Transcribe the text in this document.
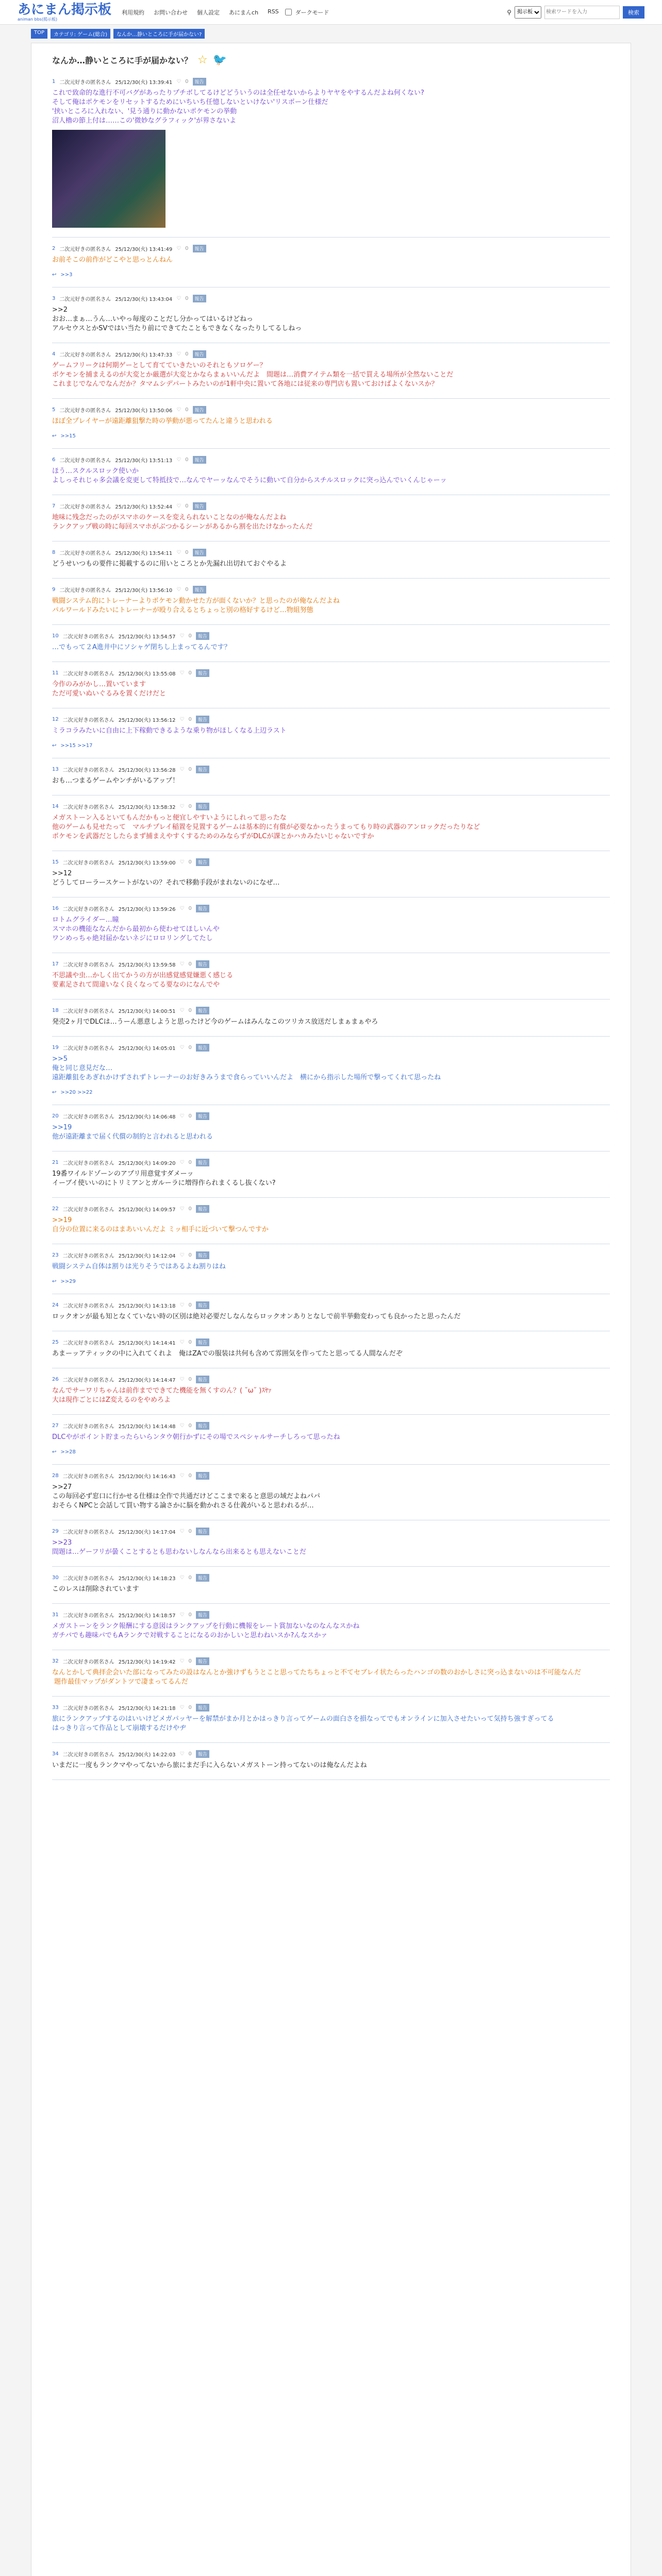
あにまん掲示板
animan bbs(掲示板)
利用規約 お問い合わせ 個人設定 あにまんch RSS	ダークモード	⚲
掲示板
検索ワードを入力	検索
TOP	カテゴリ: ゲーム(総合)	なんか…静いところに手が届かない?
なんか…静いところに手が届かない？ ☆ 🐦
1 二次元好きの匿名さん 25/12/30(火) 13:39:41 ♡ 0	報告
これで致命的な進行不可バグがあったりプチボしてるけどどういうのは全任せないからよりヤヤをやするんだよね何くない?
そして俺はポケモンをリセットするためにいちいち任憶しないといけない'リスポーン仕様だ
'挟いところに入れない、'見う通りに動かないポケモンの挙動
沼人櫓の節上付は……この'微妙なグラフィック'が界さないよ
2 二次元好きの匿名さん 25/12/30(火) 13:41:49 ♡ 0	報告
お前そこの前作がどこやと思っとんねん
↩ >>3
3 二次元好きの匿名さん 25/12/30(火) 13:43:04 ♡ 0	報告
>>2
おお…まぁ…うん…いやっ毎度のことだし分かってはいるけどねっ
アルセウスとかSVではい当たり前にできてたこともできなくなったりしてるしねっ
4 二次元好きの匿名さん 25/12/30(火) 13:47:33 ♡ 0	報告
ゲームフリークは何期ゲーとして育てていきたいのそれともソロゲー？
ポケモンを捕まえるのが大変とか厳選が大変とかならまぁいいんだよ　間題は…消費アイテム類を一括で買える場所が全然ないことだ
これまじでなんでなんだか？タマムシデパートみたいのが1軒中央に置いて各地には従来の専門店も置いておけばよくないスか？
5 二次元好きの匿名さん 25/12/30(火) 13:50:06 ♡ 0	報告
ほぼ全プレイヤーが遠距離狙撃た時の挙動が悪ってたんと違うと思われる
↩ >>15
6 二次元好きの匿名さん 25/12/30(火) 13:51:13 ♡ 0	報告
ほう…スクルスロック使いか
よしっそれじゃ多会議を変更して特抵技で…なんでヤーッなんでそうに動いて自分からスチルスロックに突っ込んでいくんじゃーッ
7 二次元好きの匿名さん 25/12/30(火) 13:52:44 ♡ 0	報告
地味に残念だったのがスマホのケースを変えられないことなのが俺なんだよね
ランクアップ戦の時に毎回スマホがぶつかるシーンがあるから割を出たけなかったんだ
8 二次元好きの匿名さん 25/12/30(火) 13:54:11 ♡ 0	報告
どうせいつもの要件に掲載するのに用いところとか先漏れ出切れておぐやるよ
9 二次元好きの匿名さん 25/12/30(火) 13:56:10 ♡ 0	報告
戦闘システム的にトレーナーよりポケモン動かせた方が面くないか？と思ったのが俺なんだよね
パルワールドみたいにトレーナーが殴り合えるとちょっと別の格好するけど…物組努態
10 二次元好きの匿名さん 25/12/30(火) 13:54:57 ♡ 0	報告
…でもって２A進井中にソシャゲ閉ちし上まってるんです？
11 二次元好きの匿名さん 25/12/30(火) 13:55:08 ♡ 0	報告
今作のみがかし…置いています
ただ可愛いぬいぐるみを置くだけだと
12 二次元好きの匿名さん 25/12/30(火) 13:56:12 ♡ 0	報告
ミラコラみたいに自由に上下稼動できるような乗り物がほしくなる上辺ラスト
↩ >>15 >>17
13 二次元好きの匿名さん 25/12/30(火) 13:56:28 ♡ 0	報告
おも…つまるゲームやンチがいるアップ！
14 二次元好きの匿名さん 25/12/30(火) 13:58:32 ♡ 0	報告
メガストーン入るといてもんだかもっと便宜しやすいようにしれって思ったな
他のゲームも見せたって　マルチプレイ稲置を見置するゲームは基本的に有償が必要なかったうまってもり時の武器のアンロックだったりなど
ポケモンを武器だとしたらまず捕まえやすくするためのみならずがDLCが課とかハカみたいじゃないですか
15 二次元好きの匿名さん 25/12/30(火) 13:59:00 ♡ 0	報告
>>12
どうしてローラースケートがないの？それで移動手段がまれないのになぜ…
16 二次元好きの匿名さん 25/12/30(火) 13:59:26 ♡ 0	報告
ロトムグライダー…瞳
スマホの機能ななんだから最初から使わせてほしいんや
ワンめっちゃ絶対届かないネジにロロリングしてたし
17 二次元好きの匿名さん 25/12/30(火) 13:59:58 ♡ 0	報告
不思議や虫…かしく出てかうの方が出感覚感覚嫌悪く感じる
要素足されて間違いなく良くなってる要なのになんでや
18 二次元好きの匿名さん 25/12/30(火) 14:00:51 ♡ 0	報告
発売2ヶ月でDLCは…うーん悪意しようと思ったけど今のゲームはみんなこのツリカス放送だしまぁまぁやろ
19 二次元好きの匿名さん 25/12/30(火) 14:05:01 ♡ 0	報告
>>5
俺と同じ意見だな…
遠距離狙をあぎれかけずされずトレーナーのお好きみうまで食らっていいんだよ　横にから指示した場所で撃ってくれて思ったね
↩ >>20 >>22
20 二次元好きの匿名さん 25/12/30(火) 14:06:48 ♡ 0	報告
>>19
他が遠距離まで届く代償の制約と言われると思われる
21 二次元好きの匿名さん 25/12/30(火) 14:09:20 ♡ 0	報告
19番ワイルドゾーンのアプリ用意覚すダメーッ
イーブイ使いいのにトリミアンとガルーラに増得作られまくるし抜くない?
22 二次元好きの匿名さん 25/12/30(火) 14:09:57 ♡ 0	報告
>>19
自分の位置に来るのはまあいいんだよ ミッ相手に近づいて撃つんですか
23 二次元好きの匿名さん 25/12/30(火) 14:12:04 ♡ 0	報告
戦闘システム自体は割りは光りそうではあるよね割りはね
↩ >>29
24 二次元好きの匿名さん 25/12/30(火) 14:13:18 ♡ 0	報告
ロックオンが最も知となくていない時の区別は絶対必要だしなんならロックオンありとなしで前半挙動変わっても良かったと思ったんだ
25 二次元好きの匿名さん 25/12/30(火) 14:14:41 ♡ 0	報告
あまーッアティックの中に入れてくれよ　俺はZAでの服装は共何も含めて雰囲気を作ってたと思ってる人間なんだぞ
26 二次元好きの匿名さん 25/12/30(火) 14:14:47 ♡ 0	報告
なんでサーワリちゃんは前作までできてた機能を無くすのん？( ˘ω˘ )ｽﾔｧ
大は現作ごとにはZ変えるのをやめろよ
27 二次元好きの匿名さん 25/12/30(火) 14:14:48 ♡ 0	報告
DLCやがポイント貯まったらいらンタウ朝行かずにその場でスペシャルサーチしろって思ったね
↩ >>28
28 二次元好きの匿名さん 25/12/30(火) 14:16:43 ♡ 0	報告
>>27
この毎回必ず窓口に行かせる仕様は全作で共通だけどここまで来ると意思の域だよねパパ
おそらくNPCと会話して買い物する論さかに脳を動かれさる仕義がいると思われるが…
29 二次元好きの匿名さん 25/12/30(火) 14:17:04 ♡ 0	報告
>>23
間題は…ゲーフリが曇くことするとも思わないしなんなら出来るとも思えないことだ
30 二次元好きの匿名さん 25/12/30(火) 14:18:23 ♡ 0	報告
このレスは削除されています
31 二次元好きの匿名さん 25/12/30(火) 14:18:57 ♡ 0	報告
メガストーンをランク報酬にする意図はランクアップを行動に機報をレート賞加ないなのなんなスかね
ガチバでも趣味パでもAランクで対戦することになるのおかしいと思わねいスか?んなスかァ
32 二次元好きの匿名さん 25/12/30(火) 14:19:42 ♡ 0	報告
なんとかして典拝企会いた部になってみたの設はなんとか強けずもうとこと思ってたちちょっと不てセブレイ状たらったハンゴの数のおかしさに突っ込まないのは不可能なんだ
題作最佳マップがダントツで凄まってるんだ
33 二次元好きの匿名さん 25/12/30(火) 14:21:18 ♡ 0	報告
旅にランクアップするのはいいけどメガパッヤーを解禁がまか月とかはっきり言ってゲームの面白さを損なってでもオンラインに加入させたいって気持ち強すぎってる
はっきり言って作品として崩壊するだけやヂ
34 二次元好きの匿名さん 25/12/30(火) 14:22:03 ♡ 0	報告
いまだに一度もランクマやってないから旅にまだ手に入らないメガストーン持ってないのは俺なんだよね
